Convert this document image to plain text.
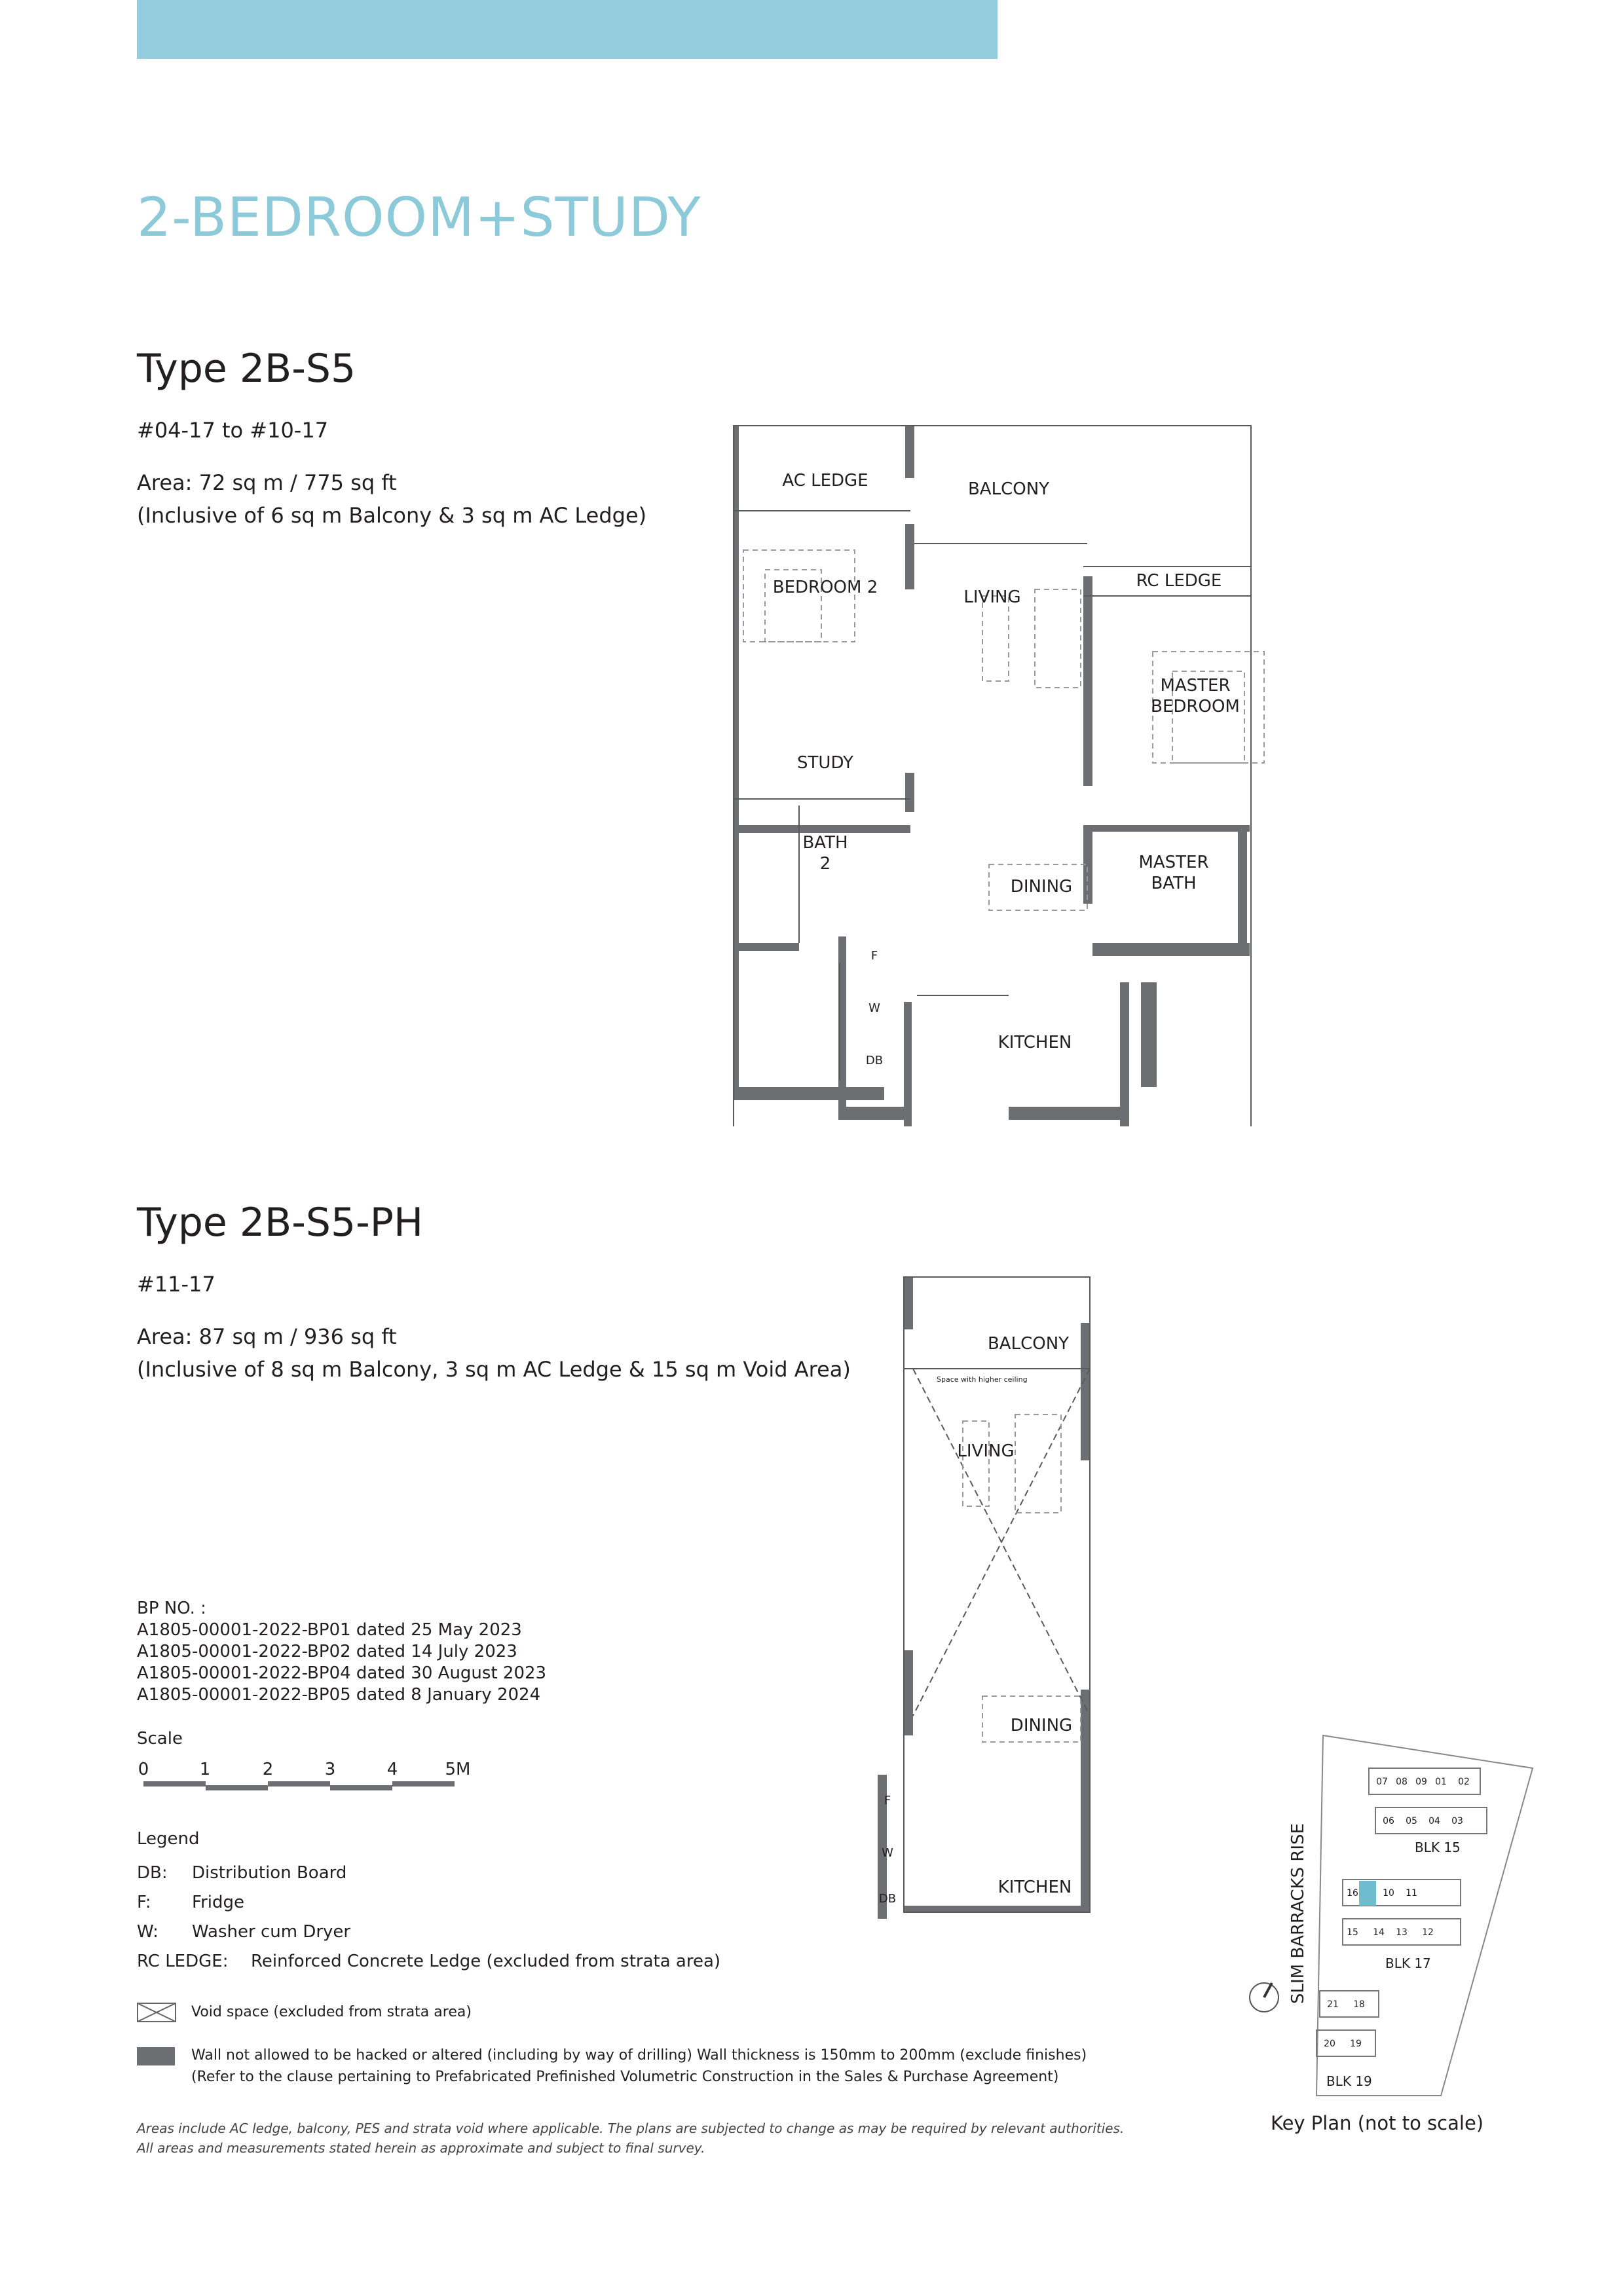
2-BEDROOM+STUDY
Type 2B-S5
#04-17 to #10-17
Area: 72 sq m / 775 sq ft
(Inclusive of 6 sq m Balcony & 3 sq m AC Ledge)
Type 2B-S5-PH
#11-17
Area: 87 sq m / 936 sq ft
(Inclusive of 8 sq m Balcony, 3 sq m AC Ledge & 15 sq m Void Area)
AC LEDGE	BALCONY
BEDROOM 2	LIVING
RC LEDGE
MASTER
BEDROOM
STUDY
BATH
2
DINING
MASTER
BATH
KITCHEN
F
W
DB
BALCONY
Space with higher ceiling
LIVING
DINING
KITCHEN
F
W
DB
BP NO. :
A1805-00001-2022-BP01 dated 25 May 2023
A1805-00001-2022-BP02 dated 14 July 2023
A1805-00001-2022-BP04 dated 30 August 2023
A1805-00001-2022-BP05 dated 8 January 2024
Scale
0	1	2	3	4	5M
Legend
DB: Distribution Board
F: Fridge
W: Washer cum Dryer
RC LEDGE: Reinforced Concrete Ledge (excluded from strata area)
Void space (excluded from strata area)
Wall not allowed to be hacked or altered (including by way of drilling) Wall thickness is 150mm to 200mm (exclude finishes)
(Refer to the clause pertaining to Prefabricated Prefinished Volumetric Construction in the Sales & Purchase Agreement)
Areas include AC ledge, balcony, PES and strata void where applicable. The plans are subjected to change as may be required by relevant authorities.
All areas and measurements stated herein as approximate and subject to final survey.
SLIM BARRACKS RISE
07 08 09 01 02
06 05 04 03
16	10 11
15 14 13 12
21 18
20 19
BLK 15
BLK 17
BLK 19
Key Plan (not to scale)
